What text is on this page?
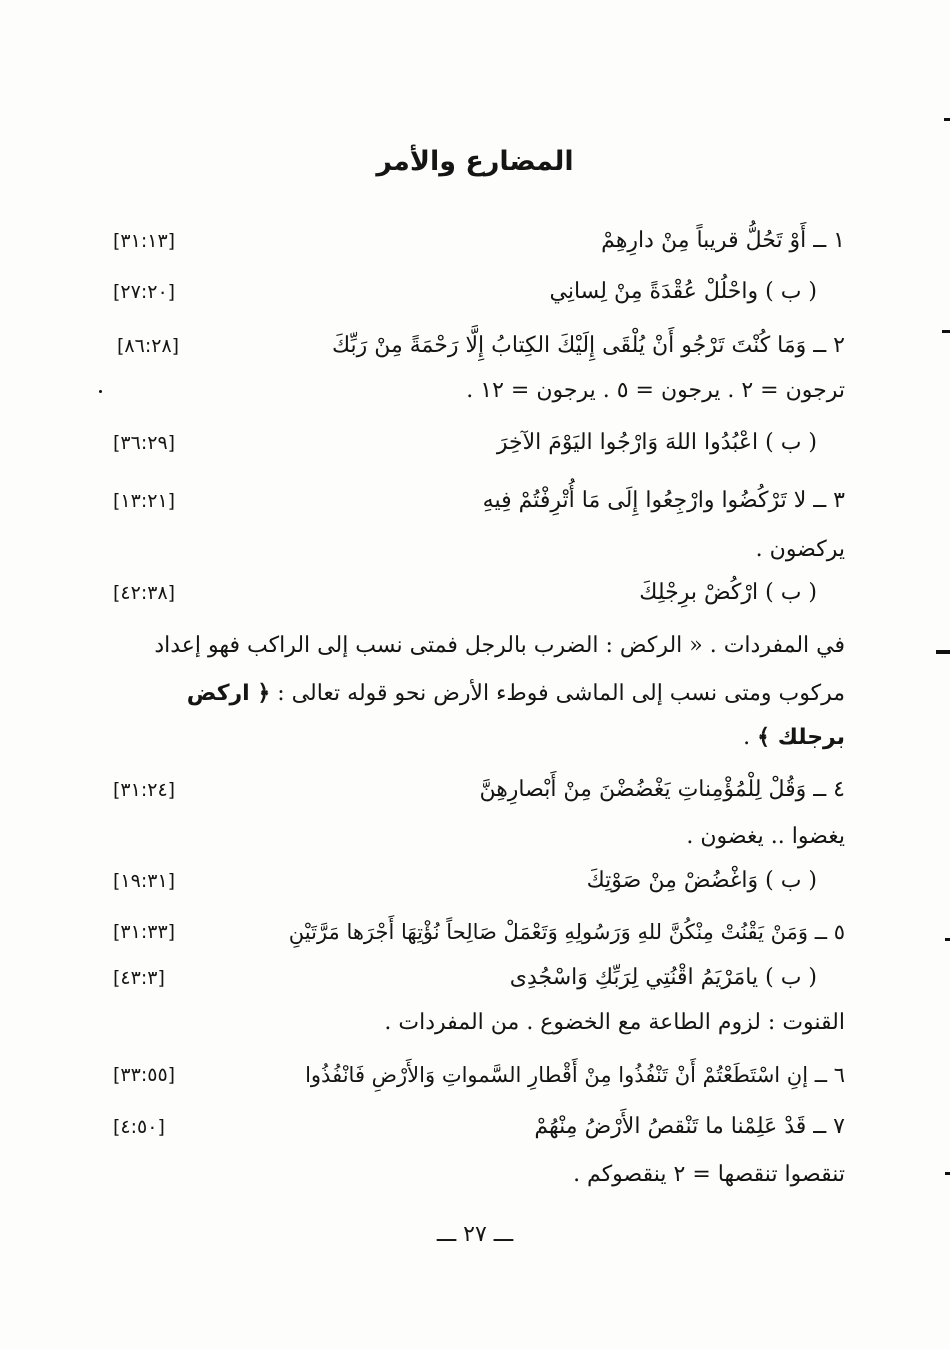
المضارع والأمر
١ ــ أَوْ تَحُلُّ قريباً مِنْ دارِهِمْ
[٣١:١٣]
( ب ) واحْلُلْ عُقْدَةً مِنْ لِسانِي
[٢٧:٢٠]
٢ ــ وَمَا كُنْتَ تَرْجُو أَنْ يُلْقَى إِلَيْكَ الكِتابُ إِلَّا رَحْمَةً مِنْ رَبِّكَ
[٨٦:٢٨]
ترجون = ٢ . يرجون = ٥ . يرجون = ١٢ .
( ب ) اعْبُدُوا اللهَ وَارْجُوا اليَوْمَ الآخِرَ
[٣٦:٢٩]
٣ ــ لا تَرْكُضُوا وارْجِعُوا إِلَى مَا أُتْرِفْتُمْ فِيهِ
[١٣:٢١]
يركضون .
( ب ) ارْكُضْ برِجْلِكَ
[٤٢:٣٨]
في المفردات . « الركض : الضرب بالرجل فمتى نسب إلى الراكب فهو إعداد
مركوب ومتى نسب إلى الماشى فوطء الأرض نحو قوله تعالى : ﴿ اركض
برجلك ﴾ .
٤ ــ وَقُلْ لِلْمُؤْمِناتِ يَغْضُضْنَ مِنْ أَبْصارِهِنَّ
[٣١:٢٤]
يغضوا .. يغضون .
( ب ) وَاغْضُضْ مِنْ صَوْتِكَ
[١٩:٣١]
٥ ــ وَمَنْ يَقْنُتْ مِنْكُنَّ للهِ وَرَسُولِهِ وَتَعْمَلْ صَالِحاً نُؤْتِهَا أَجْرَها مَرَّتَيْنِ
[٣١:٣٣]
( ب ) يامَرْيَمُ اقْنُتِي لِرَبِّكِ وَاسْجُدِى
[٤٣:٣]
القنوت : لزوم الطاعة مع الخضوع . من المفردات .
٦ ــ إنِ اسْتَطَعْتُمْ أَنْ تَنْفُذُوا مِنْ أَقْطارِ السَّمواتِ وَالأَرْضِ فَانْفُذُوا
[٣٣:٥٥]
٧ ــ قَدْ عَلِمْنا ما تَنْقصُ الأَرْضُ مِنْهُمْ
[٤:٥٠]
تنقصوا تنقصها = ٢ ينقصوكم .
ـــ ٢٧ ـــ
